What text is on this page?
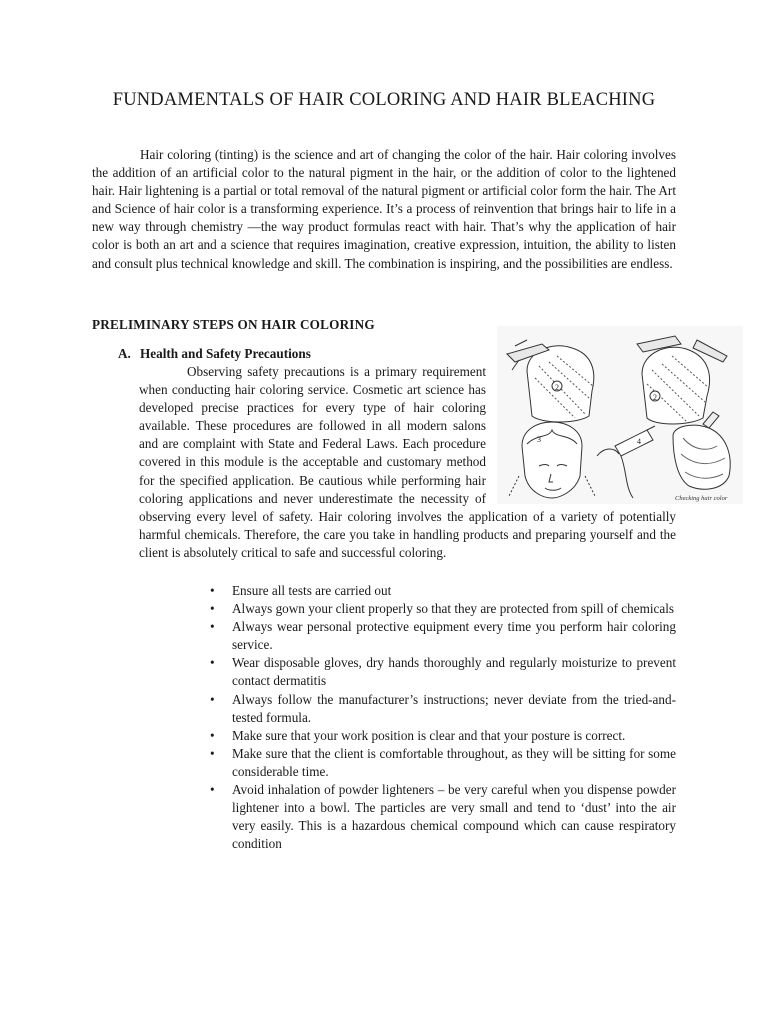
FUNDAMENTALS OF HAIR COLORING AND HAIR BLEACHING

Hair coloring (tinting) is the science and art of changing the color of the hair. Hair coloring involves the addition of an artificial color to the natural pigment in the hair, or the addition of color to the lightened hair. Hair lightening is a partial or total removal of the natural pigment or artificial color form the hair. The Art and Science of hair color is a transforming experience. It’s a process of reinvention that brings hair to life in a new way through chemistry —the way product formulas react with hair. That’s why the application of hair color is both an art and a science that requires imagination, creative expression, intuition, the ability to listen and consult plus technical knowledge and skill. The combination is inspiring, and the possibilities are endless.

PRELIMINARY STEPS ON HAIR COLORING
A. Health and Safety Precautions
Observing safety precautions is a primary requirement when conducting hair coloring service. Cosmetic art science has developed precise practices for every type of hair coloring available. These procedures are followed in all modern salons and are complaint with State and Federal Laws. Each procedure covered in this module is the acceptable and customary method for the specified application. Be cautious while performing hair coloring applications and never underestimate the necessity of observing every level of safety. Hair coloring involves the application of a variety of potentially harmful chemicals. Therefore, the care you take in handling products and preparing yourself and the client is absolutely critical to safe and successful coloring.
2
2
3	4
Checking hair color
• Ensure all tests are carried out
• Always gown your client properly so that they are protected from spill of chemicals
• Always wear personal protective equipment every time you perform hair coloring service.
• Wear disposable gloves, dry hands thoroughly and regularly moisturize to prevent contact dermatitis
• Always follow the manufacturer’s instructions; never deviate from the tried-and-tested formula.
• Make sure that your work position is clear and that your posture is correct.
• Make sure that the client is comfortable throughout, as they will be sitting for some considerable time.
• Avoid inhalation of powder lighteners – be very careful when you dispense powder lightener into a bowl. The particles are very small and tend to ‘dust’ into the air very easily. This is a hazardous chemical compound which can cause respiratory condition
